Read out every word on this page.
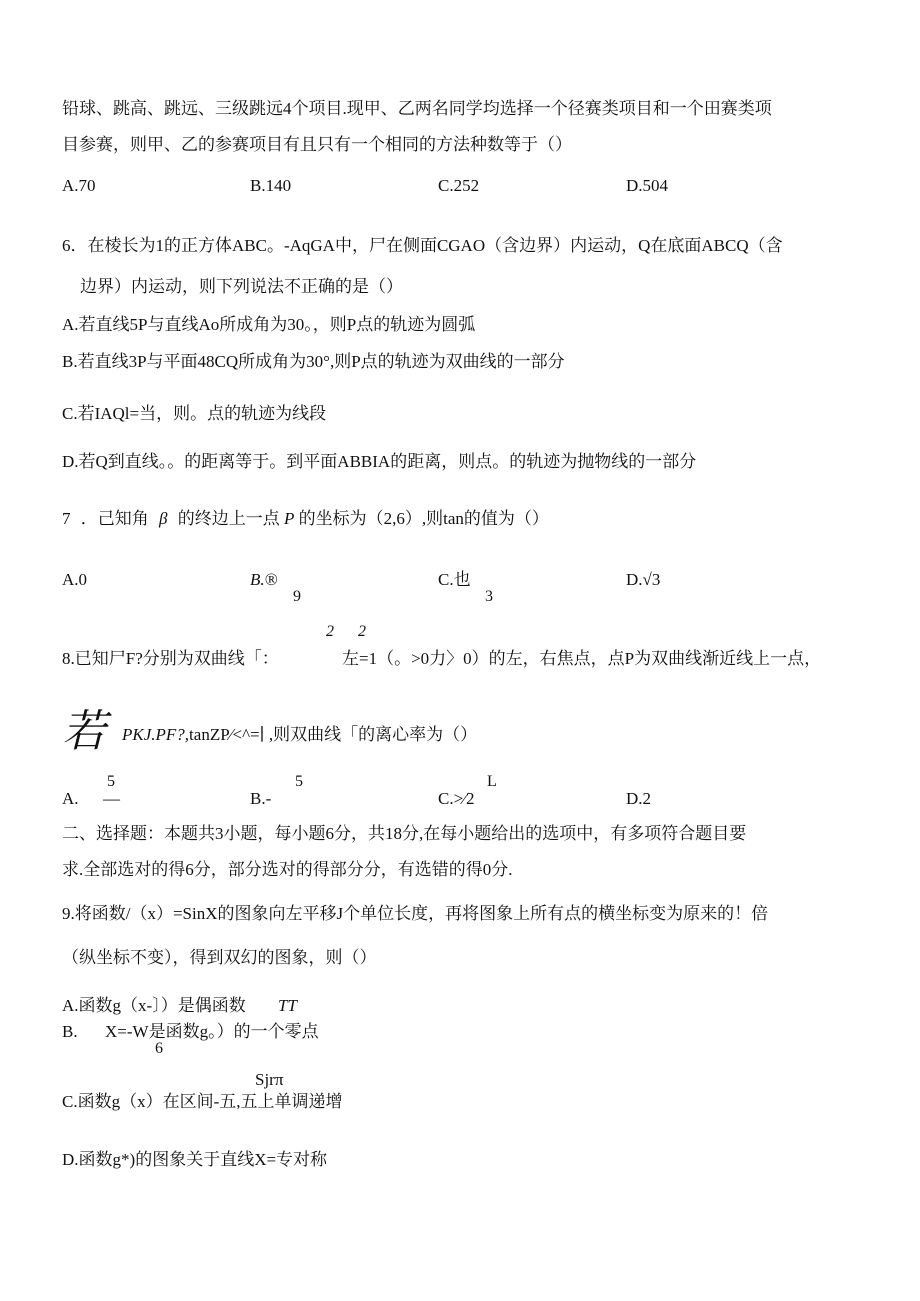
铅球、跳高、跳远、三级跳远4个项目.现甲、乙两名同学均选择一个径赛类项目和一个田赛类项
目参赛，则甲、乙的参赛项目有且只有一个相同的方法种数等于（）
A.70	B.140	C.252	D.504
6．在棱长为1的正方体ABC。-AqGA中，尸在侧面CGAO（含边界）内运动，Q在底面ABCQ（含
边界）内运动，则下列说法不正确的是（）
A.若直线5P与直线Ao所成角为30。，则P点的轨迹为圆弧
B.若直线3P与平面48CQ所成角为30°,则P点的轨迹为双曲线的一部分
C.若IAQl=当，则。点的轨迹为线段
D.若Q到直线。。的距离等于。到平面ABBIA的距离，则点。的轨迹为抛物线的一部分
7 ．己知角 β 的终边上一点 P 的坐标为（2,6）,则tan的值为（）
A.0	B.®
9
C.也
3
D.√3
2      2
8.已知尸F?分别为双曲线「：	左=1（。>0力〉0）的左，右焦点，点P为双曲线渐近线上一点，
若 PKJ.PF?,tanZP∕<^=∣ ,则双曲线「的离心率为（）
5
A. —
5
B.-
L
C.>∕2	D.2
二、选择题：本题共3小题，每小题6分，共18分,在每小题给出的选项中，有多项符合题目要
求.全部选对的得6分，部分选对的得部分分，有选错的得0分.
9.将函数/（x）=SinX的图象向左平移J个单位长度，再将图象上所有点的横坐标变为原来的！倍
（纵坐标不变），得到双幻的图象，则（）
A.函数g（x-〕）是偶函数 TT
B. X=-W是函数g。）的一个零点
6
Sjrπ
C.函数g（x）在区间-五,五上单调递增
D.函数g*)的图象关于直线X=专对称
